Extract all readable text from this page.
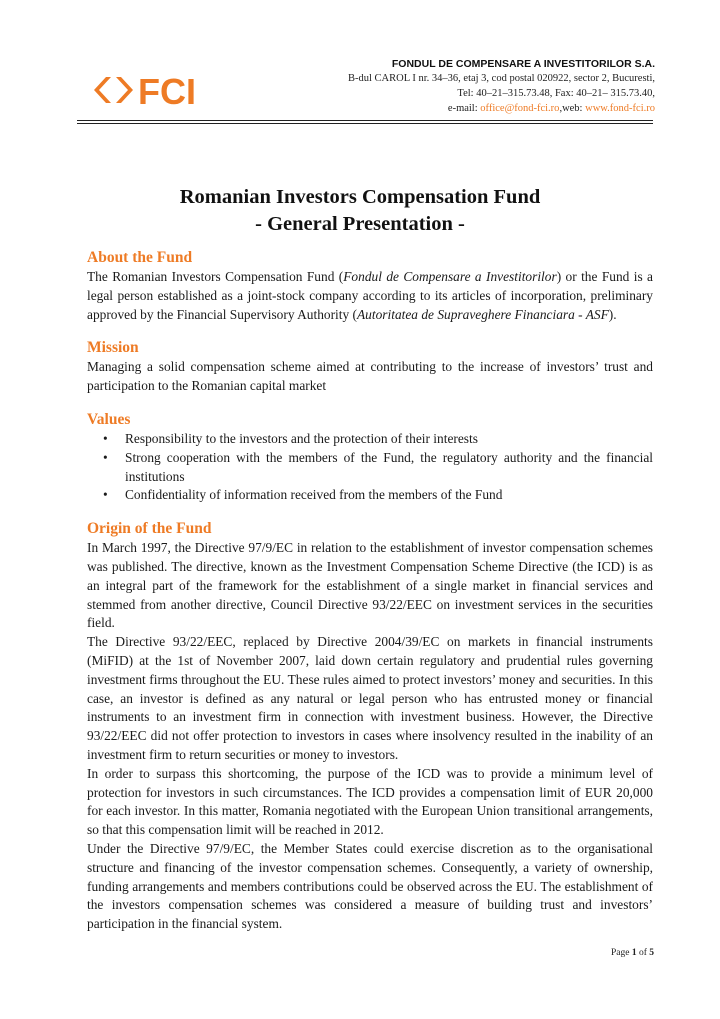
FCI
FONDUL DE COMPENSARE A INVESTITORILOR S.A.
B-dul CAROL I nr. 34–36, etaj 3, cod postal 020922, sector 2, Bucuresti,
Tel: 40–21–315.73.48, Fax: 40–21– 315.73.40,
e-mail: office@fond-fci.ro,web: www.fond-fci.ro
Romanian Investors Compensation Fund
- General Presentation -
About the Fund

The Romanian Investors Compensation Fund (Fondul de Compensare a Investitorilor) or the Fund is a legal person established as a joint-stock company according to its articles of incorporation, preliminary approved by the Financial Supervisory Authority (Autoritatea de Supraveghere Financiara - ASF).

Mission

Managing a solid compensation scheme aimed at contributing to the increase of investors’ trust and participation to the Romanian capital market

Values
• Responsibility to the investors and the protection of their interests
• Strong cooperation with the members of the Fund, the regulatory authority and the financial institutions
• Confidentiality of information received from the members of the Fund
Origin of the Fund

In March 1997, the Directive 97/9/EC in relation to the establishment of investor compensation schemes was published. The directive, known as the Investment Compensation Scheme Directive (the ICD) is as an integral part of the framework for the establishment of a single market in financial services and stemmed from another directive, Council Directive 93/22/EEC on investment services in the securities field.

The Directive 93/22/EEC, replaced by Directive 2004/39/EC on markets in financial instruments (MiFID) at the 1st of November 2007, laid down certain regulatory and prudential rules governing investment firms throughout the EU. These rules aimed to protect investors’ money and securities. In this case, an investor is defined as any natural or legal person who has entrusted money or financial instruments to an investment firm in connection with investment business. However, the Directive 93/22/EEC did not offer protection to investors in cases where insolvency resulted in the inability of an investment firm to return securities or money to investors.

In order to surpass this shortcoming, the purpose of the ICD was to provide a minimum level of protection for investors in such circumstances. The ICD provides a compensation limit of EUR 20,000 for each investor. In this matter, Romania negotiated with the European Union transitional arrangements, so that this compensation limit will be reached in 2012.

Under the Directive 97/9/EC, the Member States could exercise discretion as to the organisational structure and financing of the investor compensation schemes. Consequently, a variety of ownership, funding arrangements and members contributions could be observed across the EU. The establishment of the investors compensation schemes was considered a measure of building trust and investors’ participation in the financial system.

Page 1 of 5
